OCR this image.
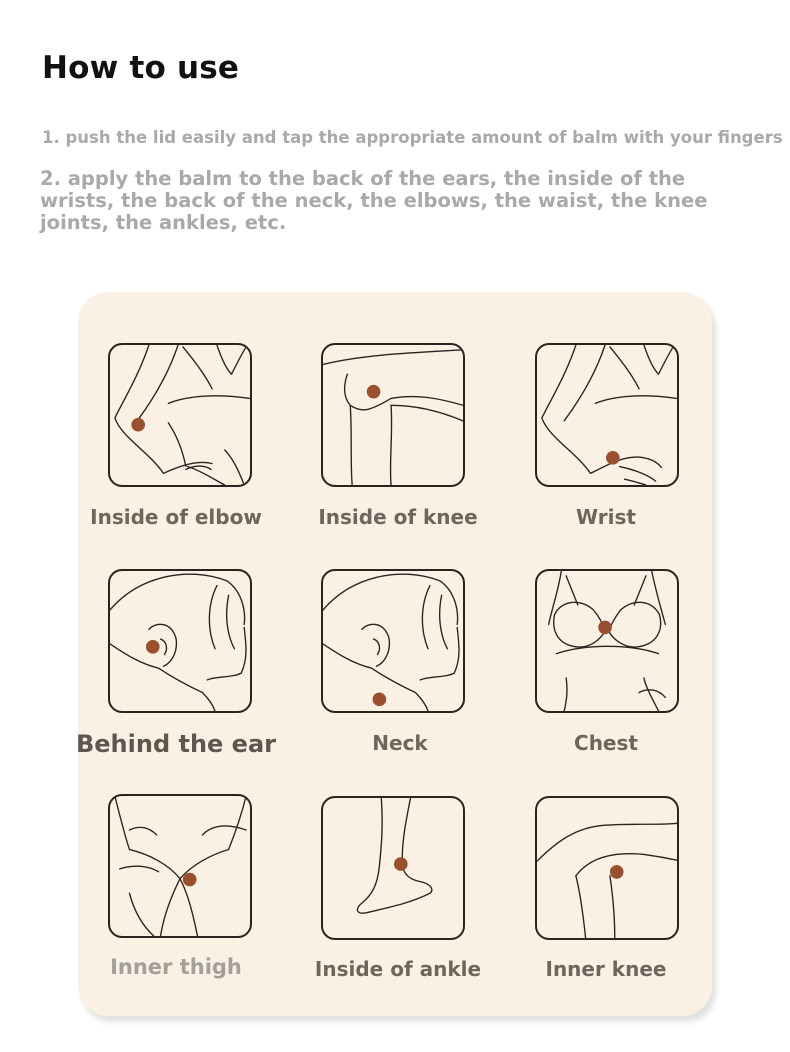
How to use
1. push the lid easily and tap the appropriate amount of balm with your fingers
2. apply the balm to the back of the ears, the inside of the wrists, the back of the neck, the elbows, the waist, the knee joints, the ankles, etc.
Inside of elbow	Inside of knee	Wrist
Behind the ear	Neck	Chest
Inner thigh	Inside of ankle	Inner knee
